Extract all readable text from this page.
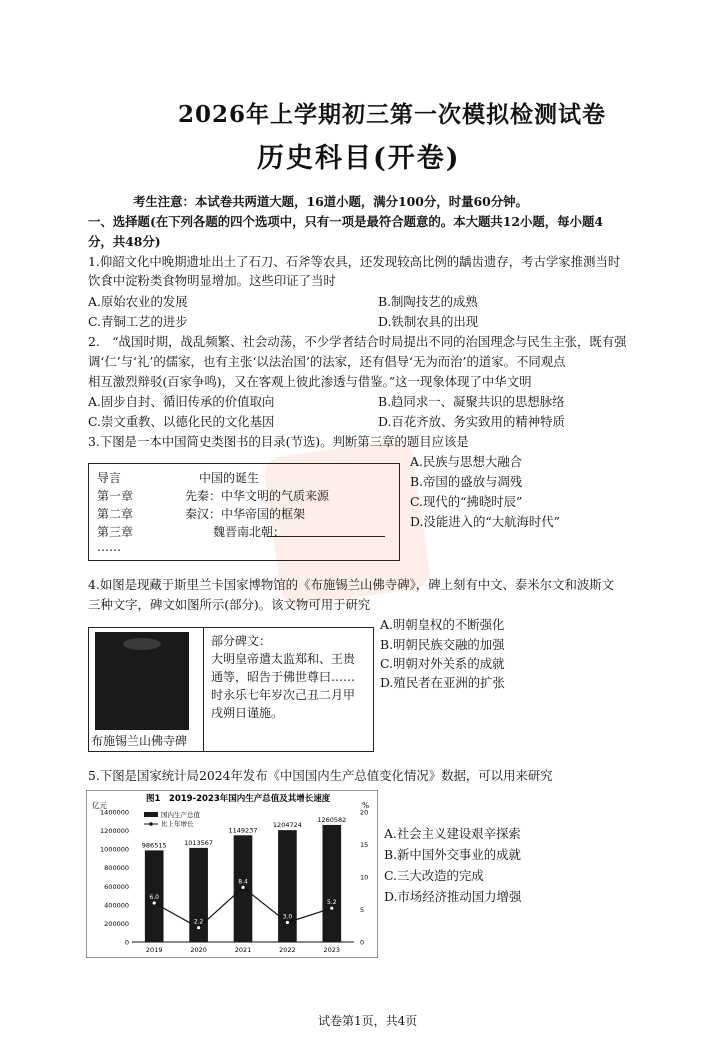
2026年上学期初三第一次模拟检测试卷
历史科目(开卷)
考生注意：本试卷共两道大题，16道小题，满分100分，时量60分钟。
一、选择题(在下列各题的四个选项中，只有一项是最符合题意的。本大题共12小题，每小题4
分，共48分)
1.仰韶文化中晚期遗址出土了石刀、石斧等农具，还发现较高比例的龋齿遗存，考古学家推测当时
饮食中淀粉类食物明显增加。这些印证了当时
A.原始农业的发展	B.制陶技艺的成熟
C.青铜工艺的进步	D.铁制农具的出现
2.　“战国时期，战乱频繁、社会动荡，不少学者结合时局提出不同的治国理念与民生主张，既有强
调‘仁’与‘礼’的儒家，也有主张‘以法治国’的法家，还有倡导‘无为而治’的道家。不同观点
相互激烈辩驳(百家争鸣)，又在客观上彼此渗透与借鉴。”这一现象体现了中华文明
A.固步自封、循旧传承的价值取向	B.趋同求一、凝聚共识的思想脉络
C.崇文重教、以德化民的文化基因	D.百花齐放、务实致用的精神特质
3.下图是一本中国简史类图书的目录(节选)。判断第三章的题目应该是
导言	中国的诞生
第一章	先秦：中华文明的气质来源
第二章	秦汉：中华帝国的框架
第三章	魏晋南北朝：
……
A.民族与思想大融合
B.帝国的盛放与凋残
C.现代的“拂晓时辰”
D.没能进入的“大航海时代”
4.如图是现藏于斯里兰卡国家博物馆的《布施锡兰山佛寺碑》，碑上刻有中文、泰米尔文和波斯文
三种文字，碑文如图所示(部分)。该文物可用于研究
布施锡兰山佛寺碑
部分碑文：
大明皇帝遣太监郑和、王贵
通等，昭告于佛世尊曰……
时永乐七年岁次己丑二月甲
戌朔日谨施。
A.明朝皇权的不断强化
B.明朝民族交融的加强
C.明朝对外关系的成就
D.殖民者在亚洲的扩张
5.下图是国家统计局2024年发布《中国国内生产总值变化情况》数据，可以用来研究
图1　2019-2023年国内生产总值及其增长速度
亿元	%
1400000
1200000
1000000
800000
600000
400000
200000
0
20
15
10
5
0
986515	1013567
1149237
1204724
1260582
6.0
2.2
8.4
3.0
5.2
2019	2020	2021	2022	2023
国内生产总值
比上年增长
A.社会主义建设艰辛探索
B.新中国外交事业的成就
C.三大改造的完成
D.市场经济推动国力增强
试卷第1页，共4页
